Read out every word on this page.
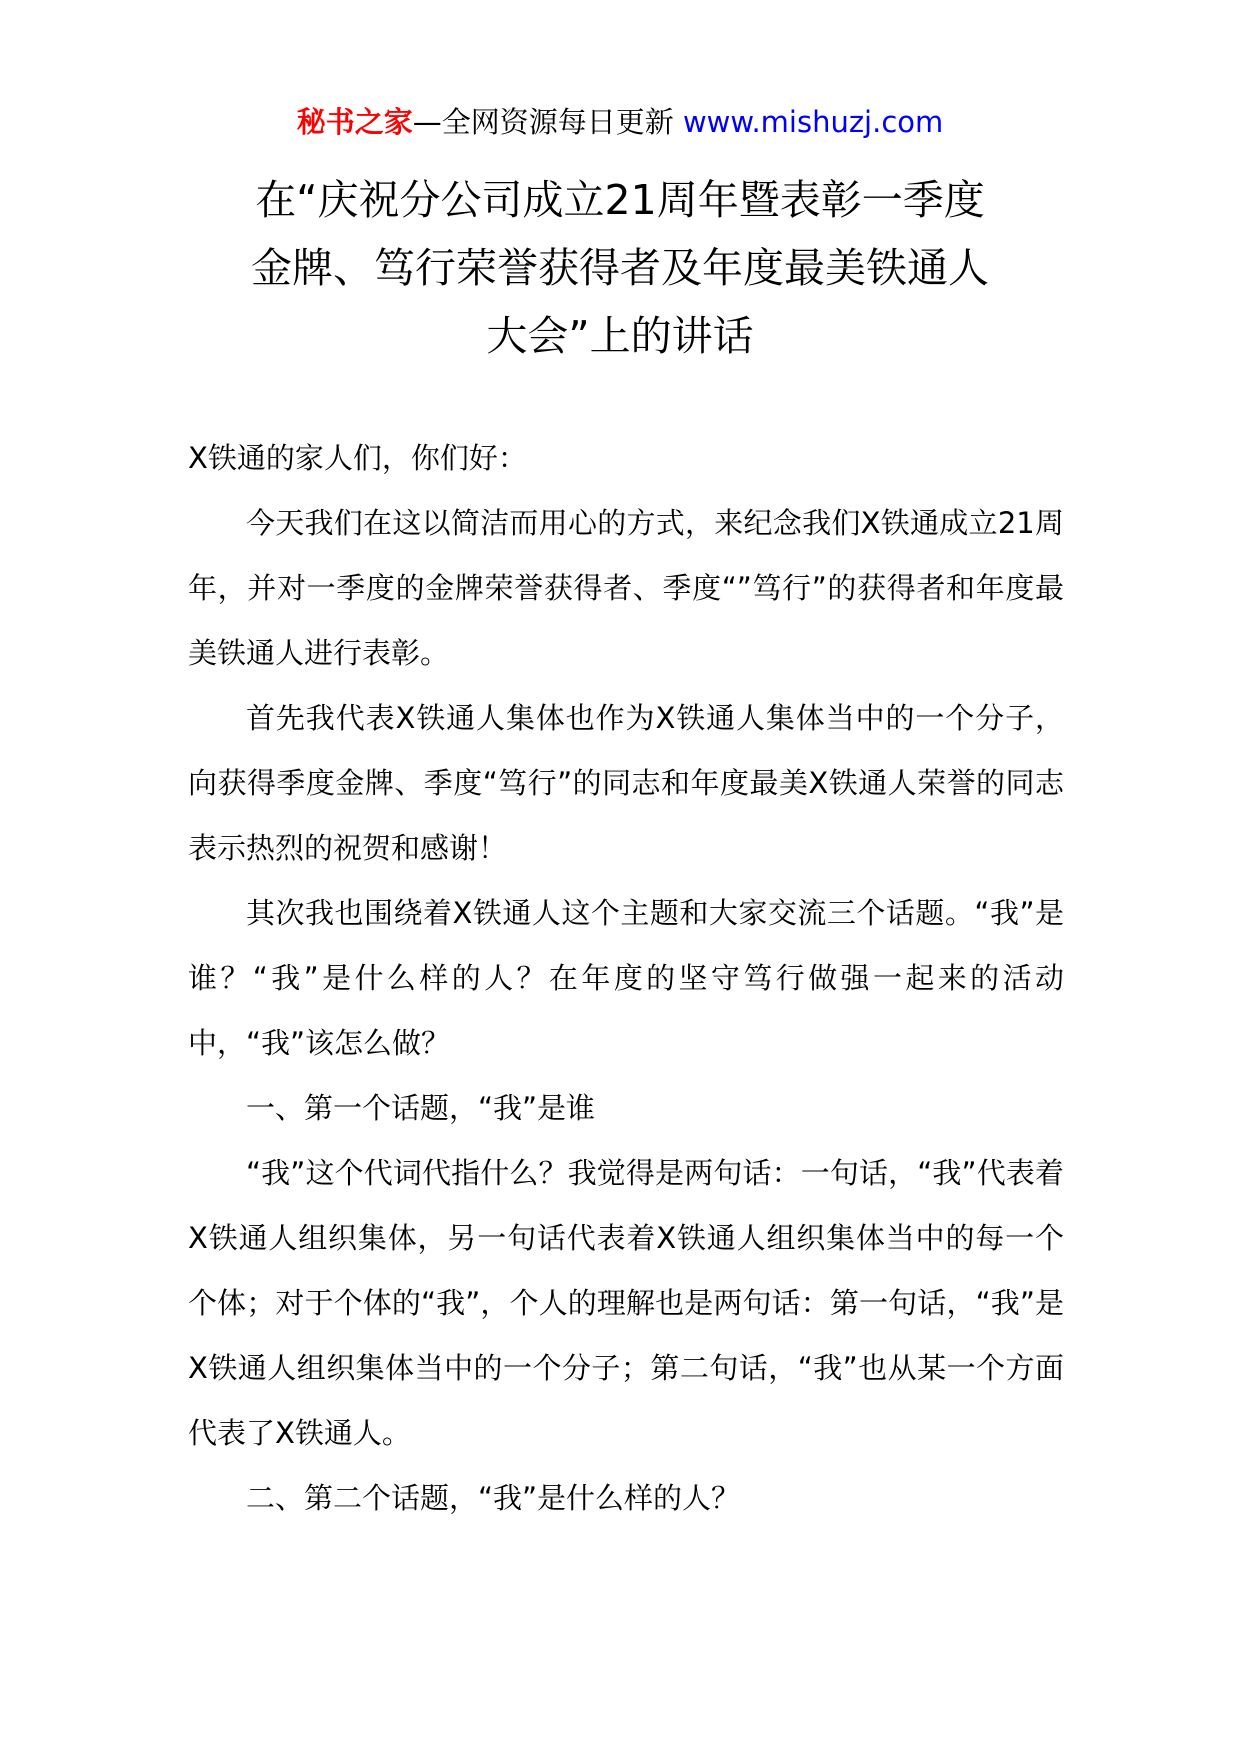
秘书之家—全网资源每日更新 www.mishuzj.com
在“庆祝分公司成立21周年暨表彰一季度
金牌、笃行荣誉获得者及年度最美铁通人
大会”上的讲话

X铁通的家人们，你们好：

今天我们在这以简洁而用心的方式，来纪念我们X铁通成立21周年，并对一季度的金牌荣誉获得者、季度“”笃行”的获得者和年度最美铁通人进行表彰。

首先我代表X铁通人集体也作为X铁通人集体当中的一个分子，向获得季度金牌、季度“笃行”的同志和年度最美X铁通人荣誉的同志表示热烈的祝贺和感谢！

其次我也围绕着X铁通人这个主题和大家交流三个话题。“我”是谁？“我”是什么样的人？在年度的坚守笃行做强一起来的活动中，“我”该怎么做？

一、第一个话题，“我”是谁

“我”这个代词代指什么？我觉得是两句话：一句话，“我”代表着X铁通人组织集体，另一句话代表着X铁通人组织集体当中的每一个个体；对于个体的“我”，个人的理解也是两句话：第一句话，“我”是X铁通人组织集体当中的一个分子；第二句话，“我”也从某一个方面代表了X铁通人。

二、第二个话题，“我”是什么样的人？
